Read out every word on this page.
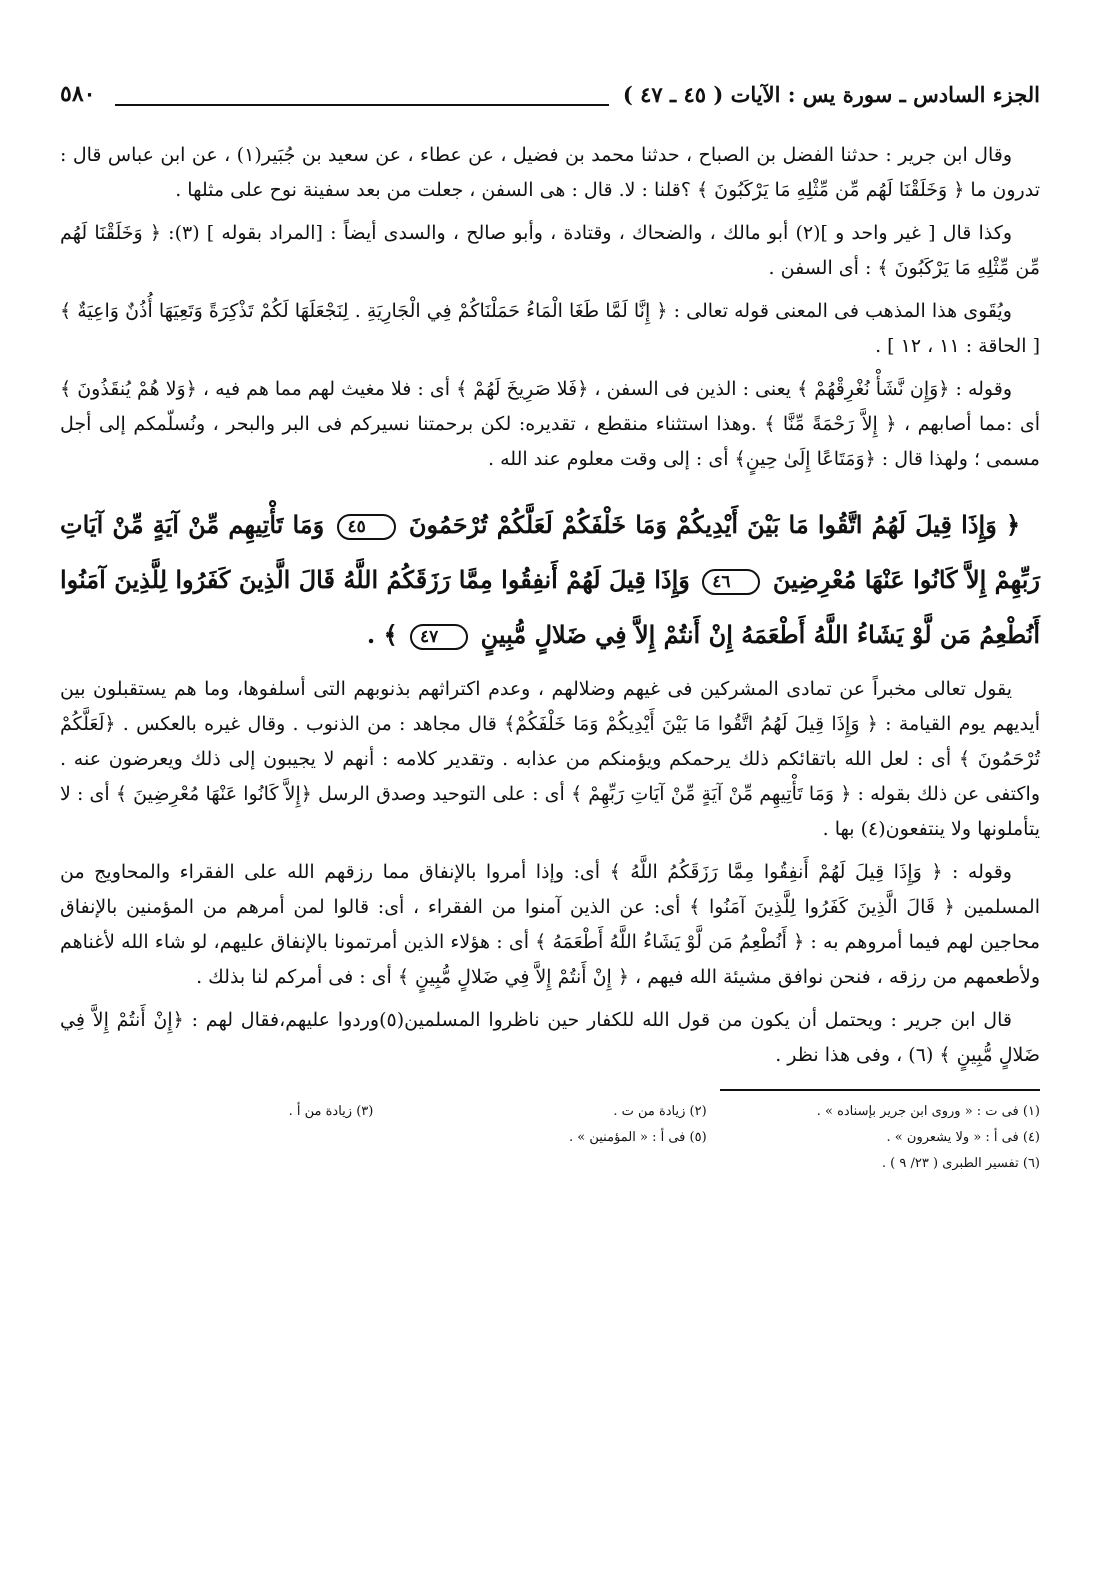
الجزء السادس ـ سورة يس : الآيات ( ٤٥ ـ ٤٧ )
٥٨٠

وقال ابن جرير : حدثنا الفضل بن الصباح ، حدثنا محمد بن فضيل ، عن عطاء ، عن سعيد بن جُبَير(١) ، عن ابن عباس قال : تدرون ما ﴿ وَخَلَقْنَا لَهُم مِّن مِّثْلِهِ مَا يَرْكَبُونَ ﴾ ؟قلنا : لا. قال : هى السفن ، جعلت من بعد سفينة نوح على مثلها .

وكذا قال [ غير واحد و ](٢) أبو مالك ، والضحاك ، وقتادة ، وأبو صالح ، والسدى أيضاً : [المراد بقوله ] (٣): ﴿ وَخَلَقْنَا لَهُم مِّن مِّثْلِهِ مَا يَرْكَبُونَ ﴾ : أى السفن .

ويُقَوى هذا المذهب فى المعنى قوله تعالى : ﴿ إِنَّا لَمَّا طَغَا الْمَاءُ حَمَلْنَاكُمْ فِي الْجَارِيَةِ . لِنَجْعَلَهَا لَكُمْ تَذْكِرَةً وَتَعِيَهَا أُذُنٌ وَاعِيَةٌ ﴾ [ الحاقة : ١١ ، ١٢ ] .

وقوله : ﴿وَإِن نَّشَأْ نُغْرِقْهُمْ ﴾ يعنى : الذين فى السفن ، ﴿فَلا صَرِيخَ لَهُمْ ﴾ أى : فلا مغيث لهم مما هم فيه ، ﴿وَلا هُمْ يُنقَذُونَ ﴾ أى :مما أصابهم ، ﴿ إِلاَّ رَحْمَةً مِّنَّا ﴾ .وهذا استثناء منقطع ، تقديره: لكن برحمتنا نسيركم فى البر والبحر ، ونُسلّمكم إلى أجل مسمى ؛ ولهذا قال : ﴿وَمَتَاعًا إِلَىٰ حِينٍ﴾ أى : إلى وقت معلوم عند الله .

﴿ وَإِذَا قِيلَ لَهُمُ اتَّقُوا مَا بَيْنَ أَيْدِيكُمْ وَمَا خَلْفَكُمْ لَعَلَّكُمْ تُرْحَمُونَ ٤٥ وَمَا تَأْتِيهِم مِّنْ آيَةٍ مِّنْ آيَاتِ رَبِّهِمْ إِلاَّ كَانُوا عَنْهَا مُعْرِضِينَ ٤٦ وَإِذَا قِيلَ لَهُمْ أَنفِقُوا مِمَّا رَزَقَكُمُ اللَّهُ قَالَ الَّذِينَ كَفَرُوا لِلَّذِينَ آمَنُوا أَنُطْعِمُ مَن لَّوْ يَشَاءُ اللَّهُ أَطْعَمَهُ إِنْ أَنتُمْ إِلاَّ فِي ضَلالٍ مُّبِينٍ ٤٧ ﴾ .

يقول تعالى مخبراً عن تمادى المشركين فى غيهم وضلالهم ، وعدم اكتراثهم بذنوبهم التى أسلفوها، وما هم يستقبلون بين أيديهم يوم القيامة : ﴿ وَإِذَا قِيلَ لَهُمُ اتَّقُوا مَا بَيْنَ أَيْدِيكُمْ وَمَا خَلْفَكُمْ﴾ قال مجاهد : من الذنوب . وقال غيره بالعكس . ﴿لَعَلَّكُمْ تُرْحَمُونَ ﴾ أى : لعل الله باتقائكم ذلك يرحمكم ويؤمنكم من عذابه . وتقدير كلامه : أنهم لا يجيبون إلى ذلك ويعرضون عنه . واكتفى عن ذلك بقوله : ﴿ وَمَا تَأْتِيهِم مِّنْ آيَةٍ مِّنْ آيَاتِ رَبِّهِمْ ﴾ أى : على التوحيد وصدق الرسل ﴿إِلاَّ كَانُوا عَنْهَا مُعْرِضِينَ ﴾ أى : لا يتأملونها ولا ينتفعون(٤) بها .

وقوله : ﴿ وَإِذَا قِيلَ لَهُمْ أَنفِقُوا مِمَّا رَزَقَكُمُ اللَّهُ ﴾ أى: وإذا أمروا بالإنفاق مما رزقهم الله على الفقراء والمحاويج من المسلمين ﴿ قَالَ الَّذِينَ كَفَرُوا لِلَّذِينَ آمَنُوا ﴾ أى: عن الذين آمنوا من الفقراء ، أى: قالوا لمن أمرهم من المؤمنين بالإنفاق محاجين لهم فيما أمروهم به : ﴿ أَنُطْعِمُ مَن لَّوْ يَشَاءُ اللَّهُ أَطْعَمَهُ ﴾ أى : هؤلاء الذين أمرتمونا بالإنفاق عليهم، لو شاء الله لأغناهم ولأطعمهم من رزقه ، فنحن نوافق مشيئة الله فيهم ، ﴿ إِنْ أَنتُمْ إِلاَّ فِي ضَلالٍ مُّبِينٍ ﴾ أى : فى أمركم لنا بذلك .

قال ابن جرير : ويحتمل أن يكون من قول الله للكفار حين ناظروا المسلمين(٥)وردوا عليهم،فقال لهم : ﴿إِنْ أَنتُمْ إِلاَّ فِي ضَلالٍ مُّبِينٍ ﴾ (٦) ، وفى هذا نظر .

(١) فى ت : « وروى ابن جرير بإسناده » .
(٢) زيادة من ت .
(٣) زيادة من أ .
(٤) فى أ : « ولا يشعرون » .
(٥) فى أ : « المؤمنين » .
(٦) تفسير الطبرى ( ٢٣/ ٩ ) .
